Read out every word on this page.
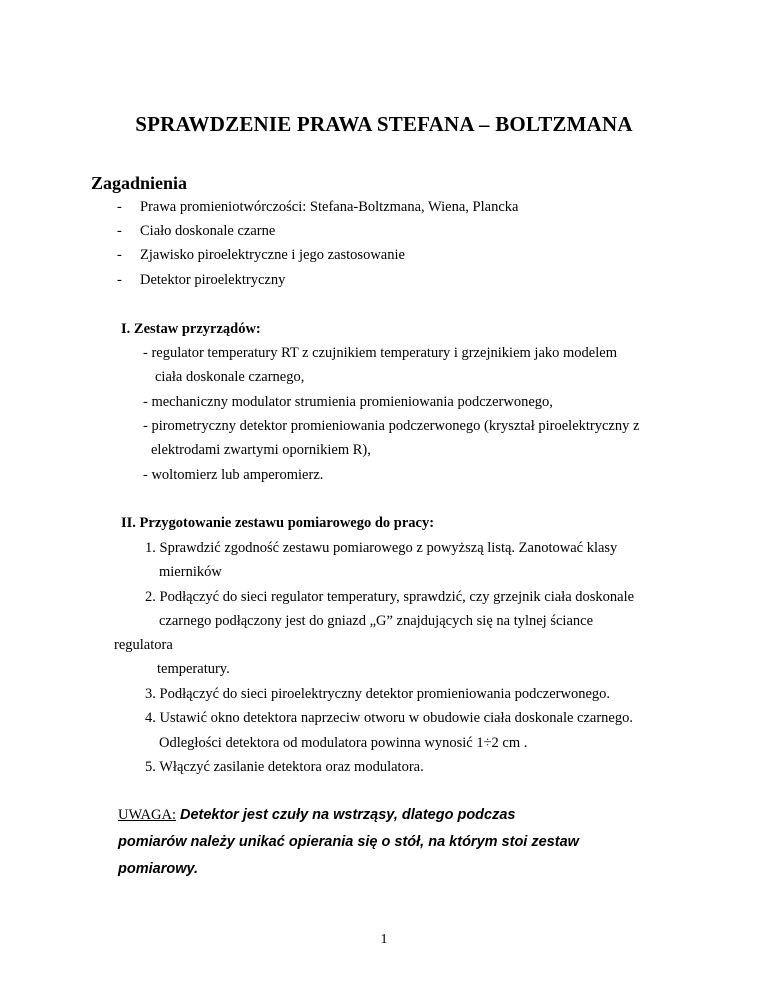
SPRAWDZENIE PRAWA STEFANA – BOLTZMANA
Zagadnienia
- Prawa promieniotwórczości: Stefana-Boltzmana, Wiena, Plancka
- Ciało doskonale czarne
- Zjawisko piroelektryczne i jego zastosowanie
- Detektor piroelektryczny
I. Zestaw przyrządów:
- regulator temperatury RT z czujnikiem temperatury i grzejnikiem jako modelem
ciała doskonale czarnego,
- mechaniczny modulator strumienia promieniowania podczerwonego,
- pirometryczny detektor promieniowania podczerwonego (kryształ piroelektryczny z
elektrodami zwartymi opornikiem R),
- woltomierz lub amperomierz.
II. Przygotowanie zestawu pomiarowego do pracy:
1. Sprawdzić zgodność zestawu pomiarowego z powyższą listą. Zanotować klasy
mierników
2. Podłączyć do sieci regulator temperatury, sprawdzić, czy grzejnik ciała doskonale
czarnego podłączony jest do gniazd „G” znajdujących się na tylnej ściance
regulatora
temperatury.
3. Podłączyć do sieci piroelektryczny detektor promieniowania podczerwonego.
4. Ustawić okno detektora naprzeciw otworu w obudowie ciała doskonale czarnego.
Odległości detektora od modulatora powinna wynosić 1÷2 cm .
5. Włączyć zasilanie detektora oraz modulatora.
UWAGA: Detektor jest czuły na wstrząsy, dlatego podczas
pomiarów należy unikać opierania się o stół, na którym stoi zestaw
pomiarowy.
1
